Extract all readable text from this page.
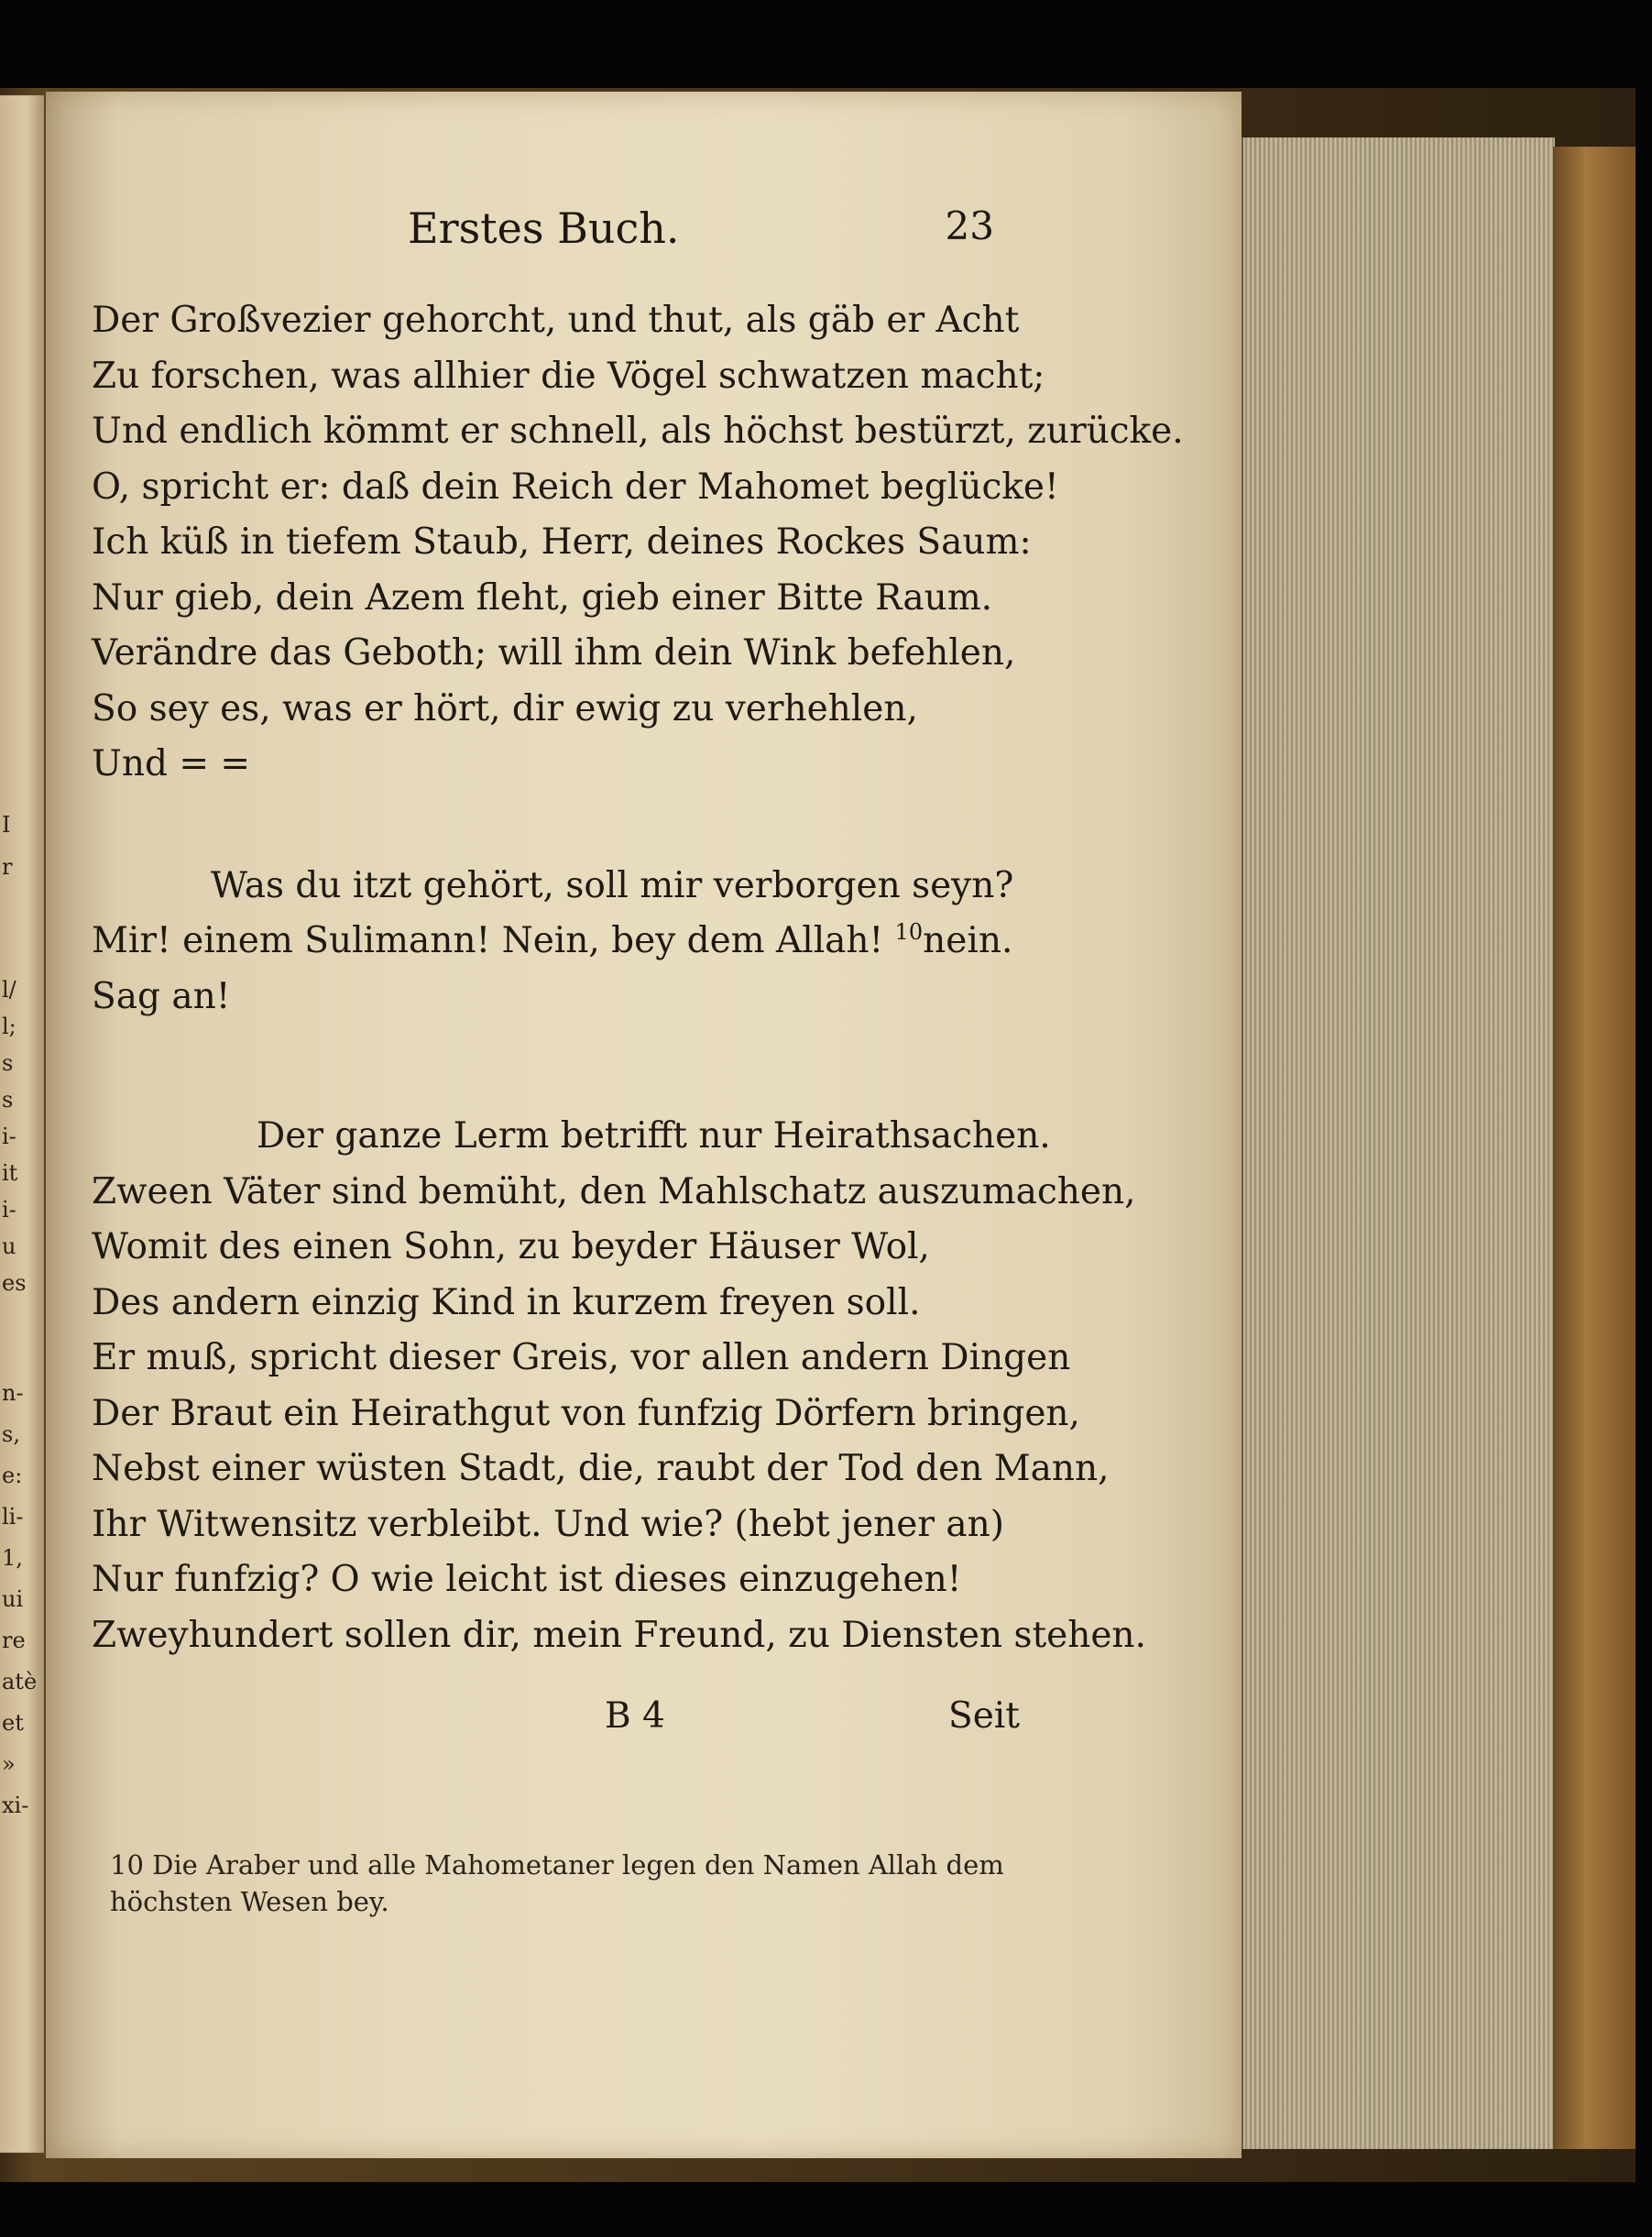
I
r
l/
l;
s
s
i-
it
i-
u
es
n-
s,
e:
li-
1,
ui
re
atè
et
»
xi-
Erstes Buch.	23
Der Großvezier gehorcht, und thut, als gäb er Acht
Zu forschen, was allhier die Vögel schwatzen macht;
Und endlich kömmt er schnell, als höchst bestürzt, zurücke.
O, spricht er: daß dein Reich der Mahomet beglücke!
Ich küß in tiefem Staub, Herr, deines Rockes Saum:
Nur gieb, dein Azem fleht, gieb einer Bitte Raum.
Verändre das Geboth; will ihm dein Wink befehlen,
So sey es, was er hört, dir ewig zu verhehlen,
Und = =
Was du itzt gehört, soll mir verborgen seyn?
Mir! einem Sulimann! Nein, bey dem Allah! $^{10}$nein.
Sag an!
Der ganze Lerm betrifft nur Heirathsachen.
Zween Väter sind bemüht, den Mahlschatz auszumachen,
Womit des einen Sohn, zu beyder Häuser Wol,
Des andern einzig Kind in kurzem freyen soll.
Er muß, spricht dieser Greis, vor allen andern Dingen
Der Braut ein Heirathgut von funfzig Dörfern bringen,
Nebst einer wüsten Stadt, die, raubt der Tod den Mann,
Ihr Witwensitz verbleibt. Und wie? (hebt jener an)
Nur funfzig? O wie leicht ist dieses einzugehen!
Zweyhundert sollen dir, mein Freund, zu Diensten stehen.
B 4	Seit
10 Die Araber und alle Mahometaner legen den Namen Allah dem
höchsten Wesen bey.
